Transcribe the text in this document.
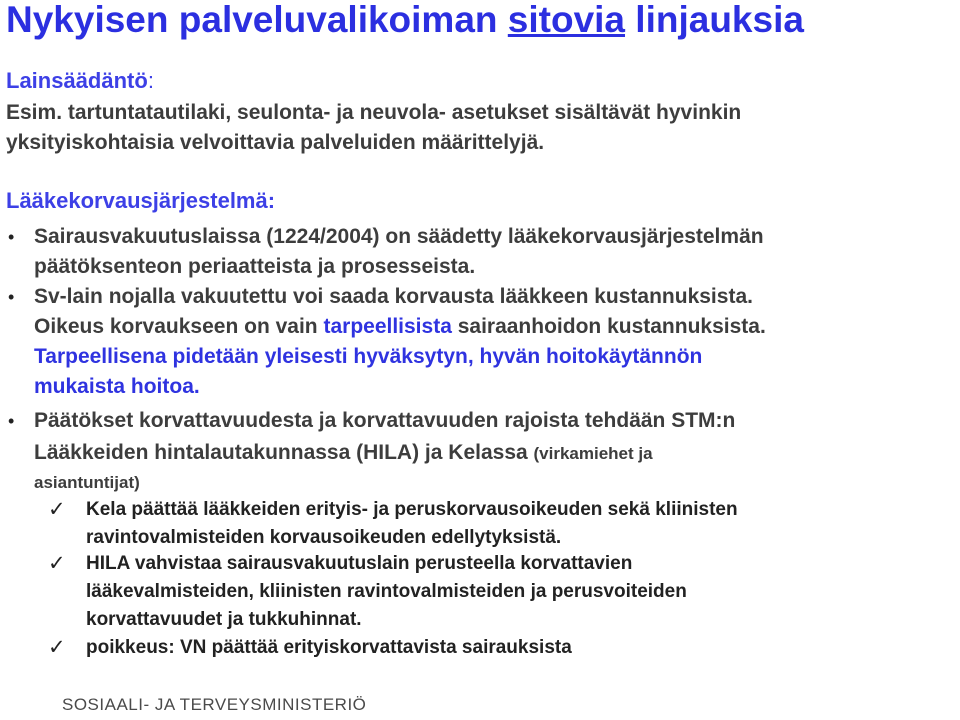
Nykyisen palveluvalikoiman sitovia linjauksia
Lainsäädäntö:

Esim. tartuntatautilaki, seulonta- ja neuvola- asetukset sisältävät hyvinkin

yksityiskohtaisia velvoittavia palveluiden määrittelyjä.

Lääkekorvausjärjestelmä:
• Sairausvakuutuslaissa (1224/2004) on säädetty lääkekorvausjärjestelmän

päätöksenteon periaatteista ja prosesseista.

• Sv-lain nojalla vakuutettu voi saada korvausta lääkkeen kustannuksista.

Oikeus korvaukseen on vain tarpeellisista sairaanhoidon kustannuksista.

Tarpeellisena pidetään yleisesti hyväksytyn, hyvän hoitokäytännön

mukaista hoitoa.

• Päätökset korvattavuudesta ja korvattavuuden rajoista tehdään STM:n

Lääkkeiden hintalautakunnassa (HILA) ja Kelassa (virkamiehet ja

asiantuntijat)

✓ Kela päättää lääkkeiden erityis- ja peruskorvausoikeuden sekä kliinisten

ravintovalmisteiden korvausoikeuden edellytyksistä.

✓ HILA vahvistaa sairausvakuutuslain perusteella korvattavien

lääkevalmisteiden, kliinisten ravintovalmisteiden ja perusvoiteiden

korvattavuudet ja tukkuhinnat.

✓ poikkeus: VN päättää erityiskorvattavista sairauksista

SOSIAALI- JA TERVEYSMINISTERIÖ
